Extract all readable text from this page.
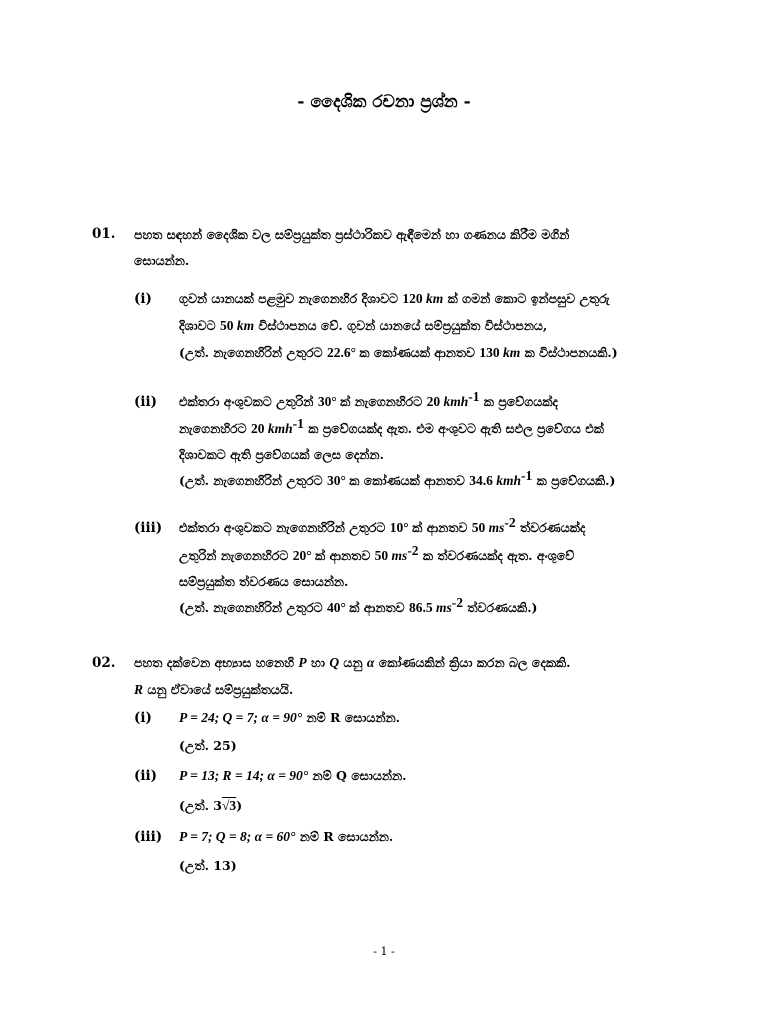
- දෛශික රචනා ප්‍රශ්න -
01. පහත සඳහන් දෛශික වල සම්ප්‍රයුක්ත ප්‍රස්ථාරිකව ඇඳීමෙන් හා ගණනය කිරීම මගින්
සොයන්න.
(i) ගුවන් යානයක් පළමුව නැගෙනහිර දිශාවට 120 km ක් ගමන් කොට ඉන්පසුව උතුරු
දිශාවට 50 km විස්ථාපනය වේ. ගුවන් යානයේ සම්ප්‍රයුක්ත විස්ථාපනය,
(උත්. නැගෙනහිරින් උතුරට 22.6° ක කෝණයක් ආනතව 130 km ක විස්ථාපනයකි.)
(ii) එක්තරා අංශුවකට උතුරින් 30° ක් නැගෙනහිරට 20 kmh$^{-1}$ ක ප්‍රවේගයක්ද
නැගෙනහිරට 20 kmh$^{-1}$ ක ප්‍රවේගයක්ද ඇත. එම අංශුවට ඇති සඵල ප්‍රවේගය එක්
දිශාවකට ඇති ප්‍රවේගයක් ලෙස දෙන්න.
(උත්. නැගෙනහිරින් උතුරට 30° ක කෝණයක් ආනතව 34.6 kmh$^{-1}$ ක ප්‍රවේගයකි.)
(iii) එක්තරා අංශුවකට නැගෙනහිරින් උතුරට 10° ක් ආනතව 50 $ms^{-2}$ ත්වරණයක්ද
උතුරින් නැගෙනහිරට 20° ක් ආනතව 50 $ms^{-2}$ ක ත්වරණයක්ද ඇත. අංශුවේ
සම්ප්‍රයුක්ත ත්වරණය සොයන්න.
(උත්. නැගෙනහිරින් උතුරට 40° ක් ආනතව 86.5 $ms^{-2}$ ත්වරණයකි.)
02. පහත දක්වෙන අභ්‍යාස හනෙහි P හා Q යනු α කෝණයකින් ක්‍රියා කරන බල දෙකකි.
R යනු ඒවායේ සම්ප්‍රයුක්තයයි.
(i) P = 24; Q = 7; α = 90° නම් R සොයන්න.
(උත්. 25)
(ii) P = 13; R = 14; α = 90° නම් Q සොයන්න.
(උත්. 3√3)
(iii) P = 7; Q = 8; α = 60° නම් R සොයන්න.
(උත්. 13)
- 1 -
